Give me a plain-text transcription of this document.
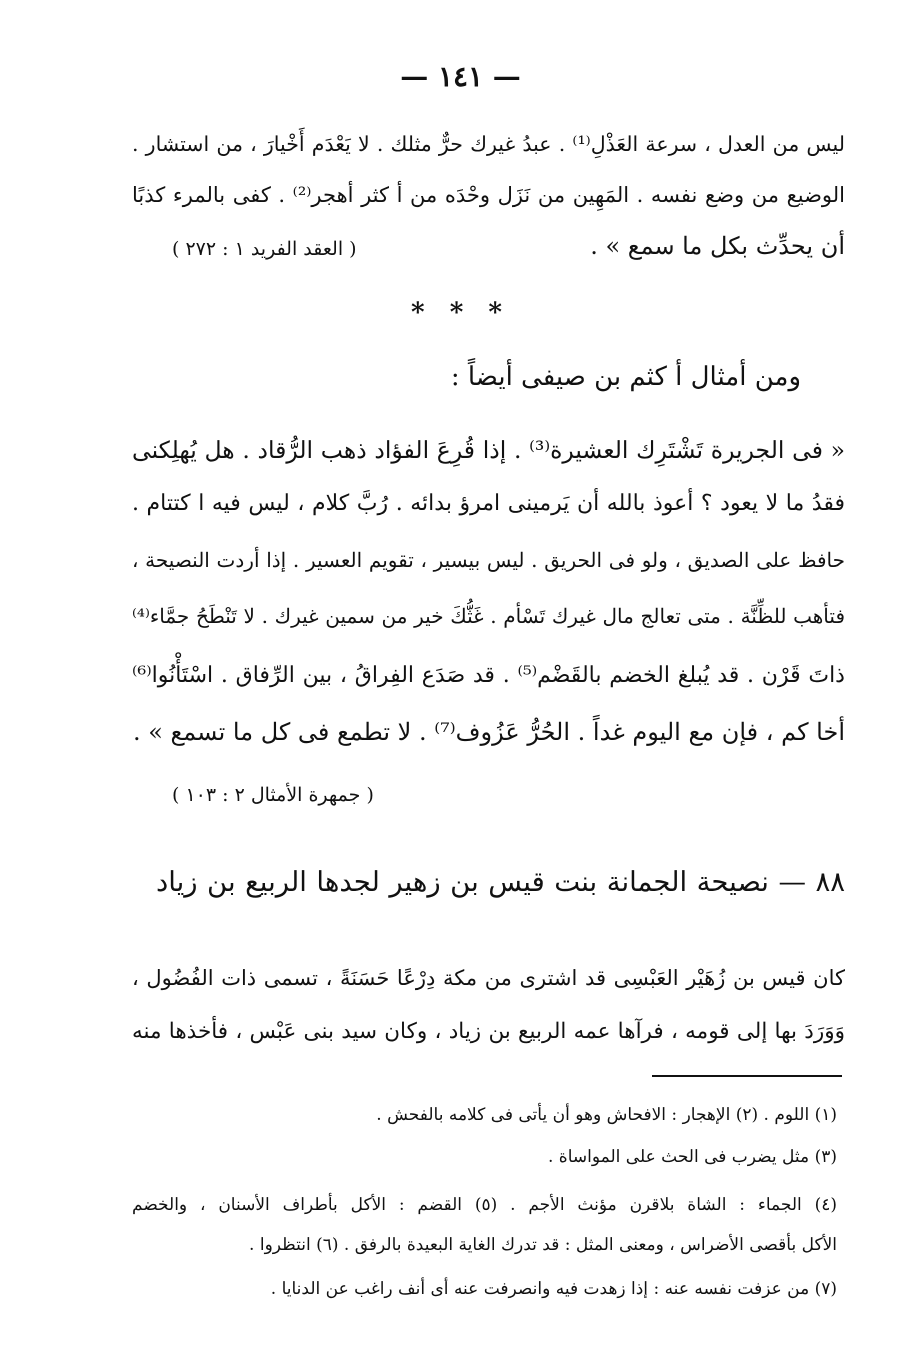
— ١٤١ —
ليس من العدل ، سرعة العَذْلِ⁽¹⁾ . عبدُ غيرك حرٌّ مثلك . لا يَعْدَم أَخْيارَ ، من استشار .
الوضيع من وضع نفسه . المَهِين من نَزَل وحْدَه من أ كثر أهجر⁽²⁾ . كفى بالمرء كذبًا
أن يحدِّث بكل ما سمع » .
( العقد الفريد ١ : ٢٧٢ )
* * *
ومن أمثال أ كثم بن صيفى أيضاً :
« فى الجريرة تَشْتَرِك العشيرة⁽³⁾ . إذا قُرِعَ الفؤاد ذهب الرُّقاد . هل يُهلِكنى
فقدُ ما لا يعود ؟ أعوذ بالله أن يَرمينى امرؤ بدائه . رُبَّ كلام ، ليس فيه ا كتتام .
حافظ على الصديق ، ولو فى الحريق . ليس بيسير ، تقويم العسير . إذا أردت النصيحة ،
فتأهب للظِّنَّة . متى تعالج مال غيرك تَسْأم . غَثُّكَ خير من سمين غيرك . لا تَنْطَحُ جمَّاء⁽⁴⁾
ذاتَ قَرْن . قد يُبلغ الخضم بالقَضْم⁽⁵⁾ . قد صَدَع الفِراقُ ، بين الرِّفاق . اسْتَأْنُوا⁽⁶⁾
أخا كم ، فإن مع اليوم غداً . الحُرُّ عَزُوف⁽⁷⁾ . لا تطمع فى كل ما تسمع » .
( جمهرة الأمثال ٢ : ١٠٣ )
٨٨ — نصيحة الجمانة بنت قيس بن زهير لجدها الربيع بن زياد
كان قيس بن زُهَيْر العَبْسِى قد اشترى من مكة دِرْعًا حَسَنَةً ، تسمى ذات الفُضُول ،
وَوَرَدَ بها إلى قومه ، فرآها عمه الربيع بن زياد ، وكان سيد بنى عَبْس ، فأخذها منه
(١) اللوم . (٢) الإهجار : الافحاش وهو أن يأتى فى كلامه بالفحش .
(٣) مثل يضرب فى الحث على المواساة .
(٤) الجماء : الشاة بلاقرن مؤنث الأجم . (٥) القضم : الأكل بأطراف الأسنان ، والخضم
الأكل بأقصى الأضراس ، ومعنى المثل : قد تدرك الغاية البعيدة بالرفق . (٦) انتظروا .
(٧) من عزفت نفسه عنه : إذا زهدت فيه وانصرفت عنه أى أنف راغب عن الدنايا .
